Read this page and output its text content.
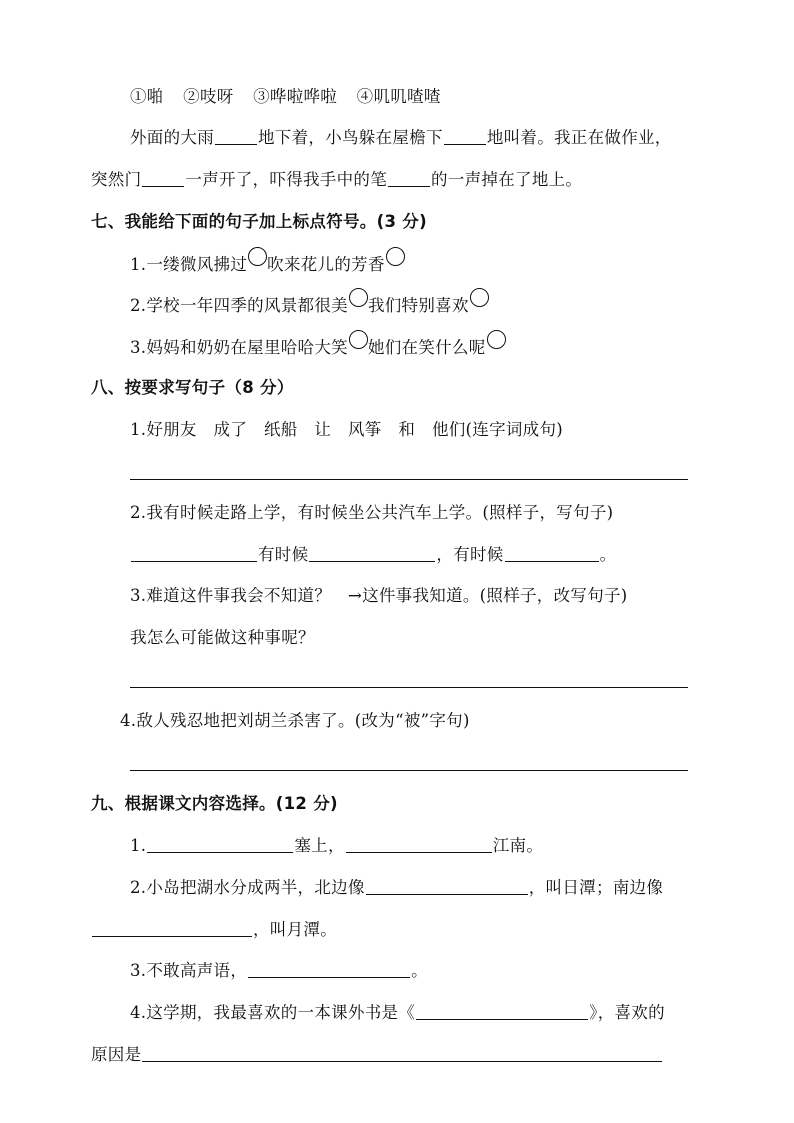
①啪 ②吱呀 ③哗啦哗啦 ④叽叽喳喳
外面的大雨	地下着，小鸟躲在屋檐下	地叫着。我正在做作业，
突然门	一声开了，吓得我手中的笔	的一声掉在了地上。
七、我能给下面的句子加上标点符号。(3 分)
1.一缕微风拂过 吹来花儿的芳香
2.学校一年四季的风景都很美 我们特别喜欢
3.妈妈和奶奶在屋里哈哈大笑 她们在笑什么呢
八、按要求写句子（8 分）
1.好朋友　成了　纸船　让　风筝　和　他们(连字词成句)
2.我有时候走路上学，有时候坐公共汽车上学。(照样子，写句子)
有时候	，有时候	。
3.难道这件事我会不知道？　→这件事我知道。(照样子，改写句子)
我怎么可能做这种事呢？
4.敌人残忍地把刘胡兰杀害了。(改为“被”字句)
九、根据课文内容选择。(12 分)
1.	塞上，	江南。
2.小岛把湖水分成两半，北边像	，叫日潭；南边像
，叫月潭。
3.不敢高声语，	。
4.这学期，我最喜欢的一本课外书是《	》，喜欢的
原因是
